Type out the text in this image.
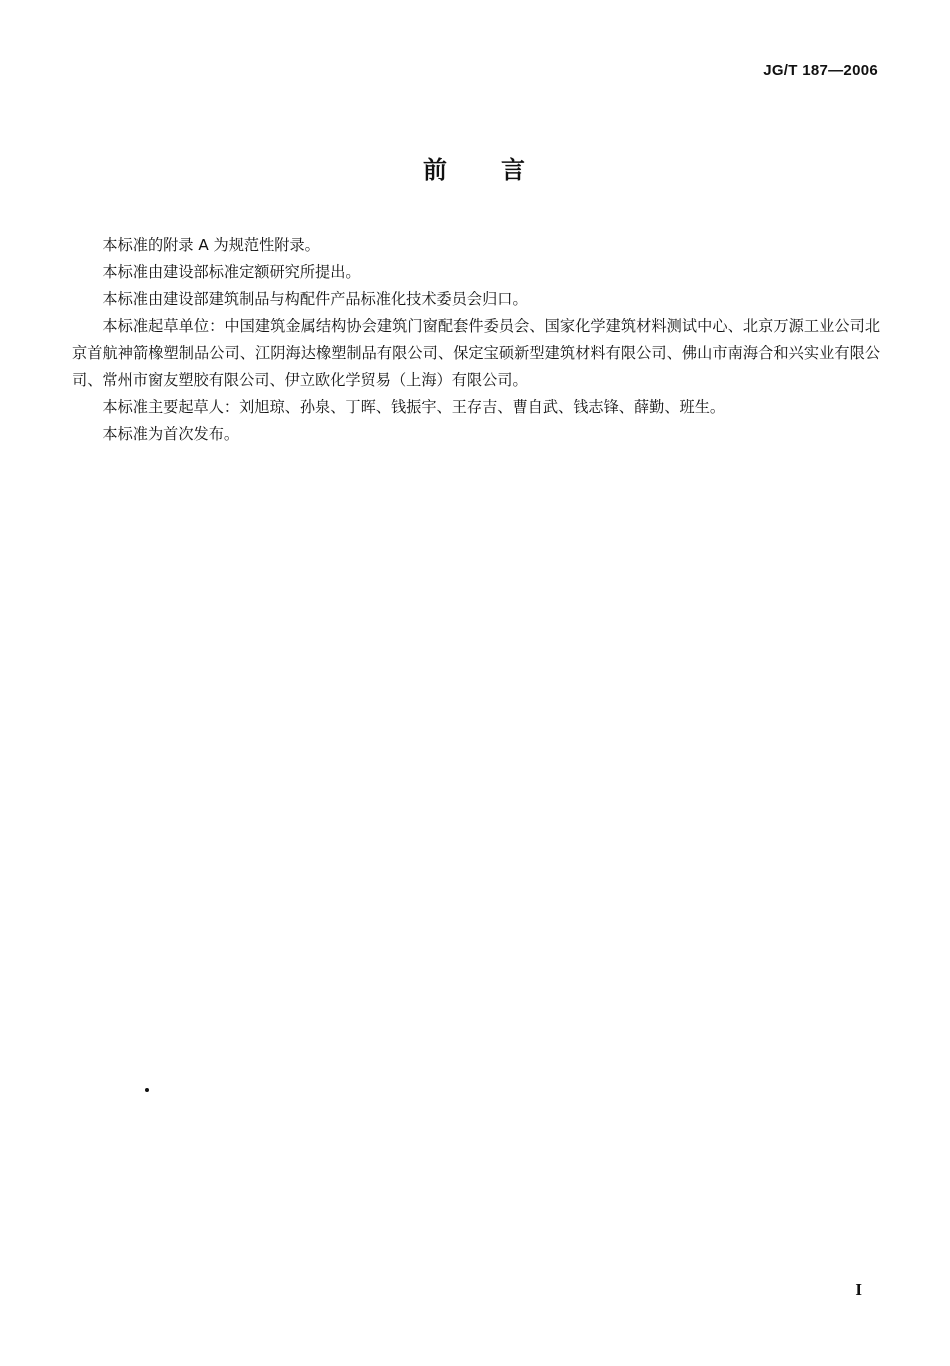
JG/T 187—2006
前　　言

本标准的附录 A 为规范性附录。

本标准由建设部标准定额研究所提出。

本标准由建设部建筑制品与构配件产品标准化技术委员会归口。

本标准起草单位：中国建筑金属结构协会建筑门窗配套件委员会、国家化学建筑材料测试中心、北京万源工业公司北京首航神箭橡塑制品公司、江阴海达橡塑制品有限公司、保定宝硕新型建筑材料有限公司、佛山市南海合和兴实业有限公司、常州市窗友塑胶有限公司、伊立欧化学贸易（上海）有限公司。

本标准主要起草人：刘旭琼、孙泉、丁晖、钱振宇、王存吉、曹自武、钱志锋、薛勤、班生。

本标准为首次发布。

I
